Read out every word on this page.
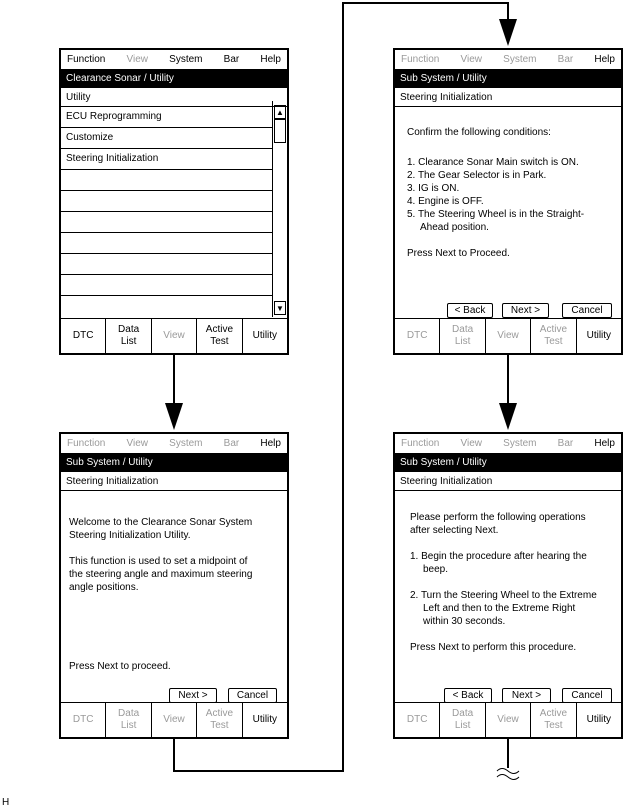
Function View System Bar Help
Clearance Sonar / Utility
Utility
ECU Reprogramming
Customize
Steering Initialization
▲
▼
DTC
Data
List
View
Active
Test
Utility
Function View System Bar Help
Sub System / Utility
Steering Initialization

Confirm the following conditions:

1. Clearance Sonar Main switch is ON.
2. The Gear Selector is in Park.
3. IG is ON.
4. Engine is OFF.
5. The Steering Wheel is in the Straight-
Ahead position.
Press Next to Proceed.
< Back	Next >	Cancel
DTC
Data
List
View
Active
Test
Utility
Function View System Bar Help
Sub System / Utility
Steering Initialization
Welcome to the Clearance Sonar System
Steering Initialization Utility.
This function is used to set a midpoint of
the steering angle and maximum steering
angle positions.
Press Next to proceed.
Next >	Cancel
DTC
Data
List
View
Active
Test
Utility
Function View System Bar Help
Sub System / Utility
Steering Initialization
Please perform the following operations
after selecting Next.
1. Begin the procedure after hearing the
beep.
2. Turn the Steering Wheel to the Extreme
Left and then to the Extreme Right
within 30 seconds.
Press Next to perform this procedure.
< Back	Next >	Cancel
DTC
Data
List
View
Active
Test
Utility
H
